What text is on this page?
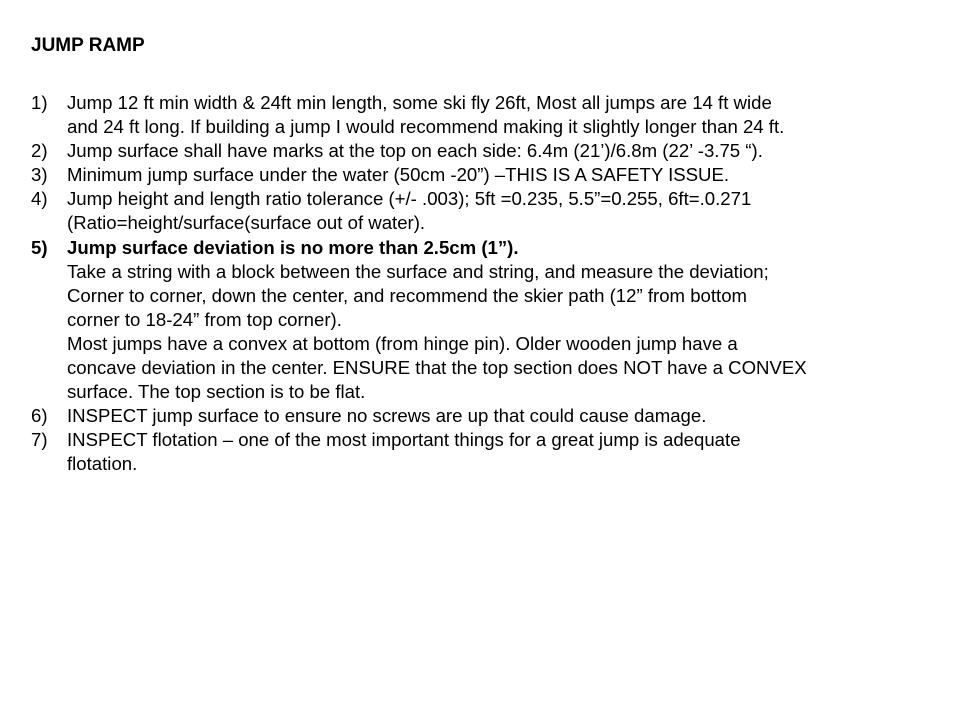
JUMP RAMP
1) Jump 12 ft min width & 24ft min length, some ski fly 26ft, Most all jumps are 14 ft wide
and 24 ft long. If building a jump I would recommend making it slightly longer than 24 ft.
2) Jump surface shall have marks at the top on each side: 6.4m (21’)/6.8m (22’ -3.75 “).
3) Minimum jump surface under the water (50cm -20”) –THIS IS A SAFETY ISSUE.
4) Jump height and length ratio tolerance (+/- .003); 5ft =0.235, 5.5”=0.255, 6ft=.0.271
(Ratio=height/surface(surface out of water).
5) Jump surface deviation is no more than 2.5cm (1”).
Take a string with a block between the surface and string, and measure the deviation;
Corner to corner, down the center, and recommend the skier path (12” from bottom
corner to 18-24” from top corner).
Most jumps have a convex at bottom (from hinge pin). Older wooden jump have a
concave deviation in the center. ENSURE that the top section does NOT have a CONVEX
surface. The top section is to be flat.
6) INSPECT jump surface to ensure no screws are up that could cause damage.
7) INSPECT flotation – one of the most important things for a great jump is adequate
flotation.
